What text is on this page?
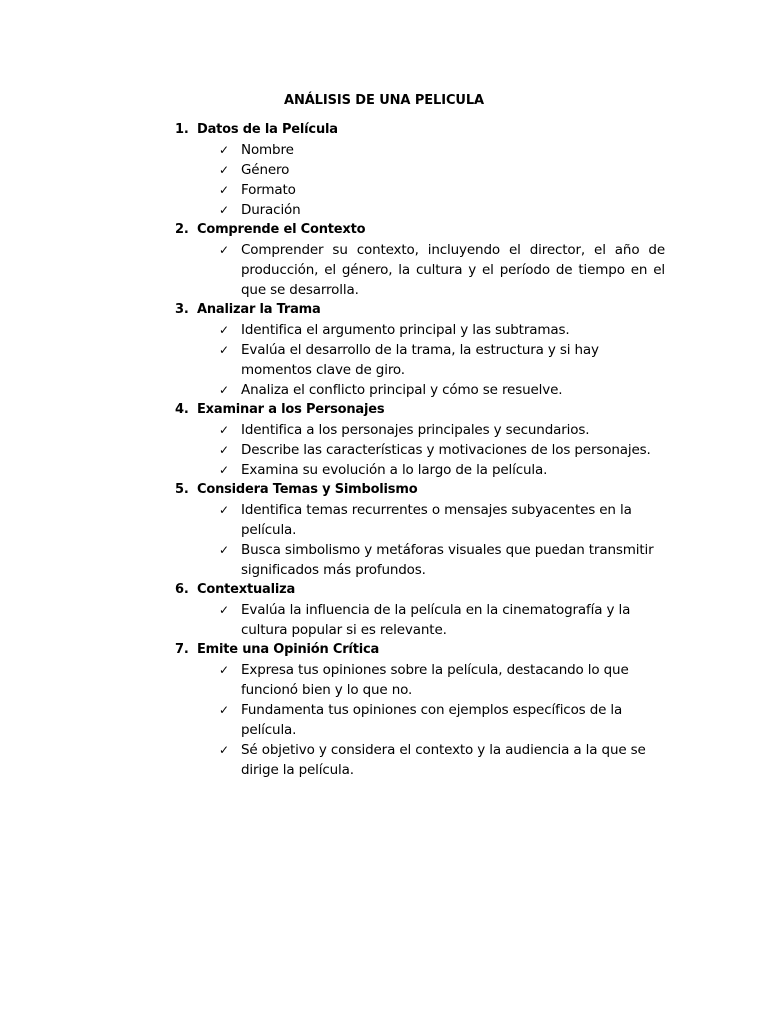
ANÁLISIS DE UNA PELICULA
1. Datos de la Película
✓ Nombre
✓ Género
✓ Formato
✓ Duración
2. Comprende el Contexto
✓ Comprender su contexto, incluyendo el director, el año de producción, el género, la cultura y el período de tiempo en el que se desarrolla.
3. Analizar la Trama
✓ Identifica el argumento principal y las subtramas.
✓ Evalúa el desarrollo de la trama, la estructura y si hay momentos clave de giro.
✓ Analiza el conflicto principal y cómo se resuelve.
4. Examinar a los Personajes
✓ Identifica a los personajes principales y secundarios.
✓ Describe las características y motivaciones de los personajes.
✓ Examina su evolución a lo largo de la película.
5. Considera Temas y Simbolismo
✓ Identifica temas recurrentes o mensajes subyacentes en la película.
✓ Busca simbolismo y metáforas visuales que puedan transmitir significados más profundos.
6. Contextualiza
✓ Evalúa la influencia de la película en la cinematografía y la cultura popular si es relevante.
7. Emite una Opinión Crítica
✓ Expresa tus opiniones sobre la película, destacando lo que funcionó bien y lo que no.
✓ Fundamenta tus opiniones con ejemplos específicos de la película.
✓ Sé objetivo y considera el contexto y la audiencia a la que se dirige la película.
